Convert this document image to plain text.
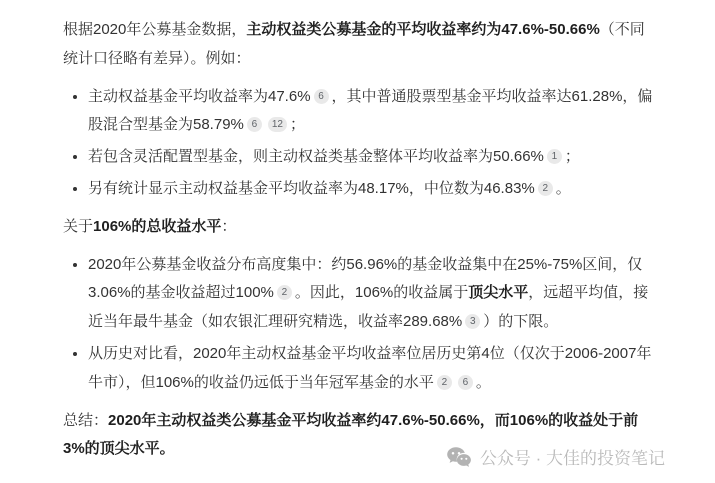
根据2020年公募基金数据，主动权益类公募基金的平均收益率约为47.6%-50.66%（不同统计口径略有差异）。例如：

• 主动权益基金平均收益率为47.6% 6 ，其中普通股票型基金平均收益率达61.28%，偏股混合型基金为58.79% 6 12 ；
• 若包含灵活配置型基金，则主动权益类基金整体平均收益率为50.66% 1 ；
• 另有统计显示主动权益基金平均收益率为48.17%，中位数为46.83% 2 。

关于106%的总收益水平：

• 2020年公募基金收益分布高度集中：约56.96%的基金收益集中在25%-75%区间，仅3.06%的基金收益超过100% 2 。因此，106%的收益属于顶尖水平，远超平均值，接近当年最牛基金（如农银汇理研究精选，收益率289.68% 3 ）的下限。
• 从历史对比看，2020年主动权益基金平均收益率位居历史第4位（仅次于2006-2007年牛市），但106%的收益仍远低于当年冠军基金的水平 2 6 。

总结：2020年主动权益类公募基金平均收益率约47.6%-50.66%，而106%的收益处于前3%的顶尖水平。	公众号 · 大佳的投资笔记
